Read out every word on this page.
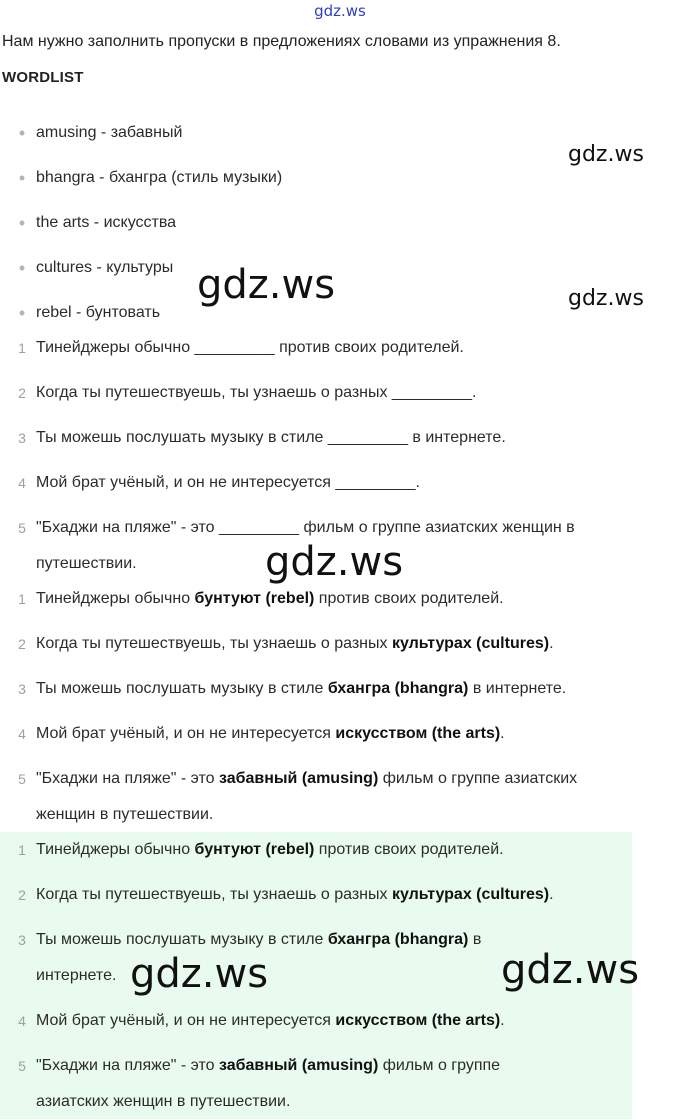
gdz.ws
Нам нужно заполнить пропуски в предложениях словами из упражнения 8.
WORDLIST
• amusing - забавный
• bhangra - бхангра (стиль музыки)
• the arts - искусства
• cultures - культуры
• rebel - бунтовать
1 Тинейджеры обычно _________ против своих родителей.
2 Когда ты путешествуешь, ты узнаешь о разных _________.
3 Ты можешь послушать музыку в стиле _________ в интернете.
4 Мой брат учёный, и он не интересуется _________.
5 "Бхаджи на пляже" - это _________ фильм о группе азиатских женщин в
путешествии.
1 Тинейджеры обычно бунтуют (rebel) против своих родителей.
2 Когда ты путешествуешь, ты узнаешь о разных культурах (cultures).
3 Ты можешь послушать музыку в стиле бхангра (bhangra) в интернете.
4 Мой брат учёный, и он не интересуется искусством (the arts).
5 "Бхаджи на пляже" - это забавный (amusing) фильм о группе азиатских
женщин в путешествии.
1 Тинейджеры обычно бунтуют (rebel) против своих родителей.
2 Когда ты путешествуешь, ты узнаешь о разных культурах (cultures).
3 Ты можешь послушать музыку в стиле бхангра (bhangra) в
интернете.
4 Мой брат учёный, и он не интересуется искусством (the arts).
5 "Бхаджи на пляже" - это забавный (amusing) фильм о группе
азиатских женщин в путешествии.
gdz.ws
gdz.ws
gdz.ws
gdz.ws
gdz.ws	gdz.ws
